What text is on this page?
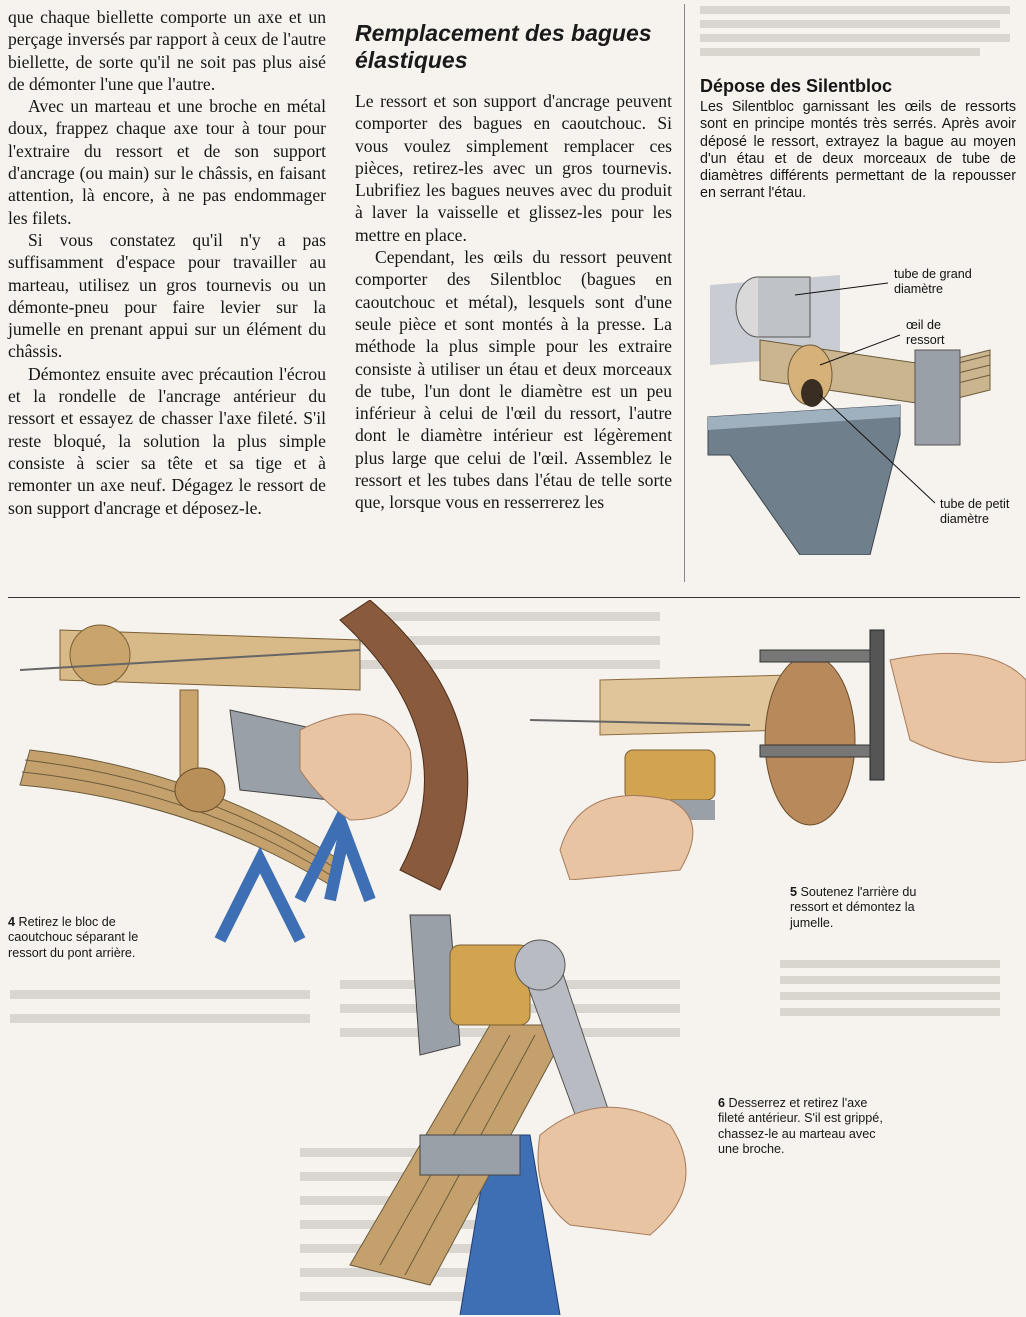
que chaque biellette comporte un axe et un perçage inversés par rapport à ceux de l'autre biellette, de sorte qu'il ne soit pas plus aisé de démonter l'une que l'autre.

Avec un marteau et une broche en métal doux, frappez chaque axe tour à tour pour l'extraire du ressort et de son support d'ancrage (ou main) sur le châssis, en faisant attention, là encore, à ne pas endommager les filets.

Si vous constatez qu'il n'y a pas suffisamment d'espace pour travailler au marteau, utilisez un gros tournevis ou un démonte-pneu pour faire levier sur la jumelle en prenant appui sur un élément du châssis.

Démontez ensuite avec précaution l'écrou et la rondelle de l'ancrage antérieur du ressort et essayez de chasser l'axe fileté. S'il reste bloqué, la solution la plus simple consiste à scier sa tête et sa tige et à remonter un axe neuf. Dégagez le ressort de son support d'ancrage et déposez-le.

Remplacement des bagues élastiques

Le ressort et son support d'ancrage peuvent comporter des bagues en caoutchouc. Si vous voulez simplement remplacer ces pièces, retirez-les avec un gros tournevis. Lubrifiez les bagues neuves avec du produit à laver la vaisselle et glissez-les pour les mettre en place.

Cependant, les œils du ressort peuvent comporter des Silentbloc (bagues en caoutchouc et métal), lesquels sont d'une seule pièce et sont montés à la presse. La méthode la plus simple pour les extraire consiste à utiliser un étau et deux morceaux de tube, l'un dont le diamètre est un peu inférieur à celui de l'œil du ressort, l'autre dont le diamètre intérieur est légèrement plus large que celui de l'œil. Assemblez le ressort et les tubes dans l'étau de telle sorte que, lorsque vous en resserrerez les

Dépose des Silentbloc

Les Silentbloc garnissant les œils de ressorts sont en principe montés très serrés. Après avoir déposé le ressort, extrayez la bague au moyen d'un étau et de deux morceaux de tube de diamètres différents permettant de la repousser en serrant l'étau.

tube de grand diamètre
œil de ressort
tube de petit diamètre
4 Retirez le bloc de caoutchouc séparant le ressort du pont arrière.
5 Soutenez l'arrière du ressort et démontez la jumelle.
6 Desserrez et retirez l'axe fileté antérieur. S'il est grippé, chassez-le au marteau avec une broche.
